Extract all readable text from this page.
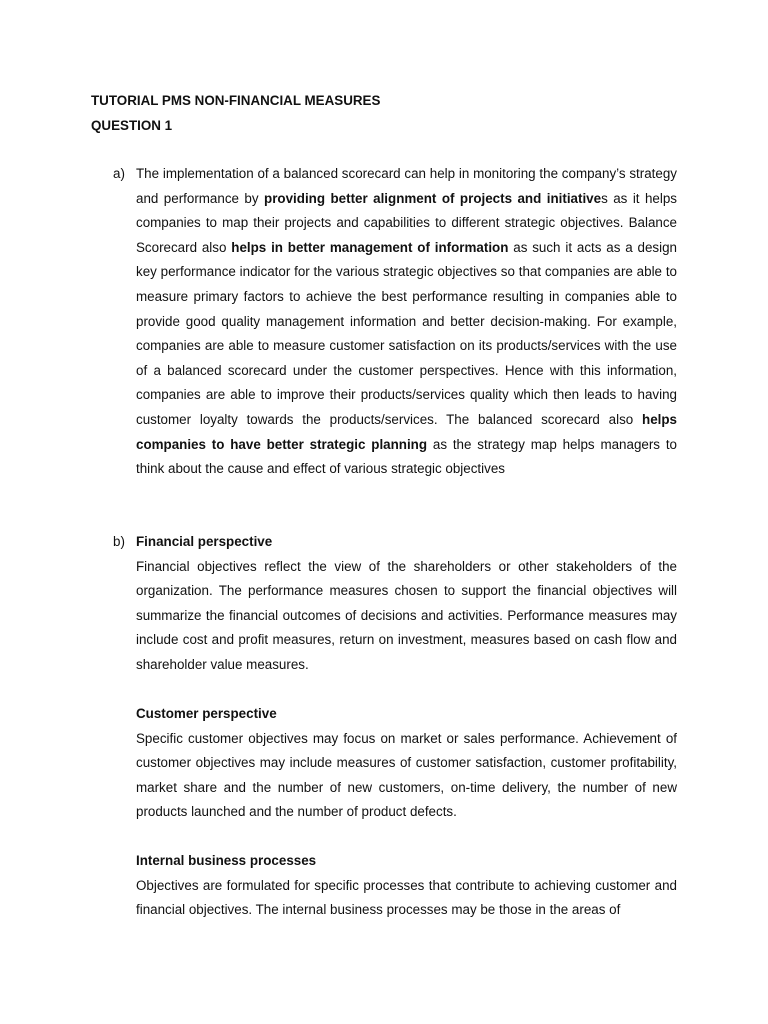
TUTORIAL PMS NON-FINANCIAL MEASURES
QUESTION 1
a) The implementation of a balanced scorecard can help in monitoring the company’s strategy and performance by providing better alignment of projects and initiatives as it helps companies to map their projects and capabilities to different strategic objectives. Balance Scorecard also helps in better management of information as such it acts as a design key performance indicator for the various strategic objectives so that companies are able to measure primary factors to achieve the best performance resulting in companies able to provide good quality management information and better decision-making. For example, companies are able to measure customer satisfaction on its products/services with the use of a balanced scorecard under the customer perspectives. Hence with this information, companies are able to improve their products/services quality which then leads to having customer loyalty towards the products/services. The balanced scorecard also helps companies to have better strategic planning as the strategy map helps managers to think about the cause and effect of various strategic objectives
b) Financial perspective
Financial objectives reflect the view of the shareholders or other stakeholders of the organization. The performance measures chosen to support the financial objectives will summarize the financial outcomes of decisions and activities. Performance measures may include cost and profit measures, return on investment, measures based on cash flow and shareholder value measures.
Customer perspective
Specific customer objectives may focus on market or sales performance. Achievement of customer objectives may include measures of customer satisfaction, customer profitability, market share and the number of new customers, on-time delivery, the number of new products launched and the number of product defects.
Internal business processes
Objectives are formulated for specific processes that contribute to achieving customer and financial objectives. The internal business processes may be those in the areas of
